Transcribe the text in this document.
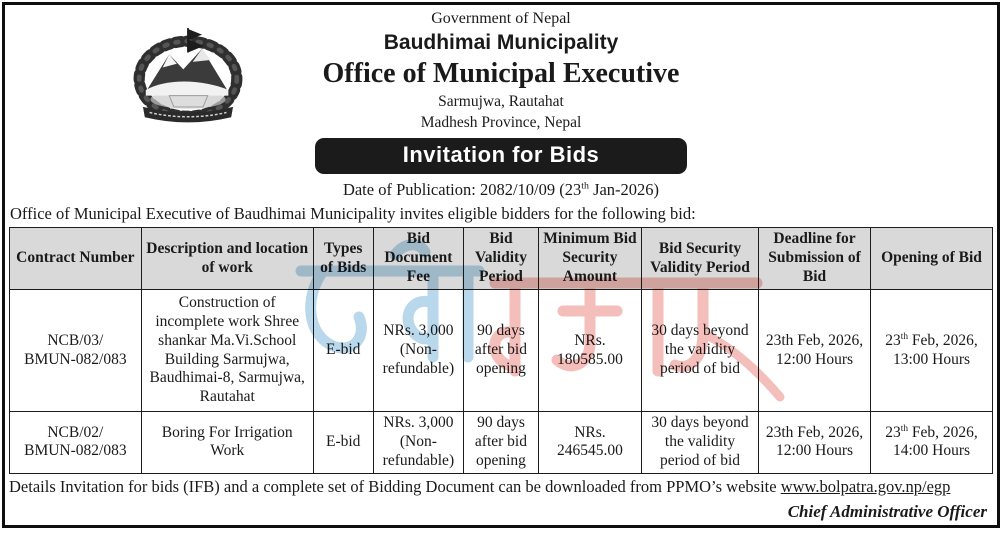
Government of Nepal
Baudhimai Municipality
Office of Municipal Executive
Sarmujwa, Rautahat
Madhesh Province, Nepal
Invitation for Bids
Date of Publication: 2082/10/09 (23th Jan-2026)
Office of Municipal Executive of Baudhimai Municipality invites eligible bidders for the following bid:
Contract Number	Description and location of work	Types of Bids	Bid Document Fee	Bid Validity Period	Minimum Bid Security Amount	Bid Security Validity Period	Deadline for Submission of Bid	Opening of Bid

NCB/03/
BMUN-082/083	Construction of incomplete work Shree shankar Ma.Vi.School Building Sarmujwa, Baudhimai-8, Sarmujwa, Rautahat	E-bid	NRs. 3,000 (Non-refundable)	90 days after bid opening	NRs. 180585.00	30 days beyond the validity period of bid	23th Feb, 2026, 12:00 Hours	23th Feb, 2026, 13:00 Hours

NCB/02/
BMUN-082/083	Boring For Irrigation Work	E-bid	NRs. 3,000 (Non-refundable)	90 days after bid opening	NRs. 246545.00	30 days beyond the validity period of bid	23th Feb, 2026, 12:00 Hours	23th Feb, 2026, 14:00 Hours
Details Invitation for bids (IFB) and a complete set of Bidding Document can be downloaded from PPMO’s website www.bolpatra.gov.np/egp
Chief Administrative Officer
